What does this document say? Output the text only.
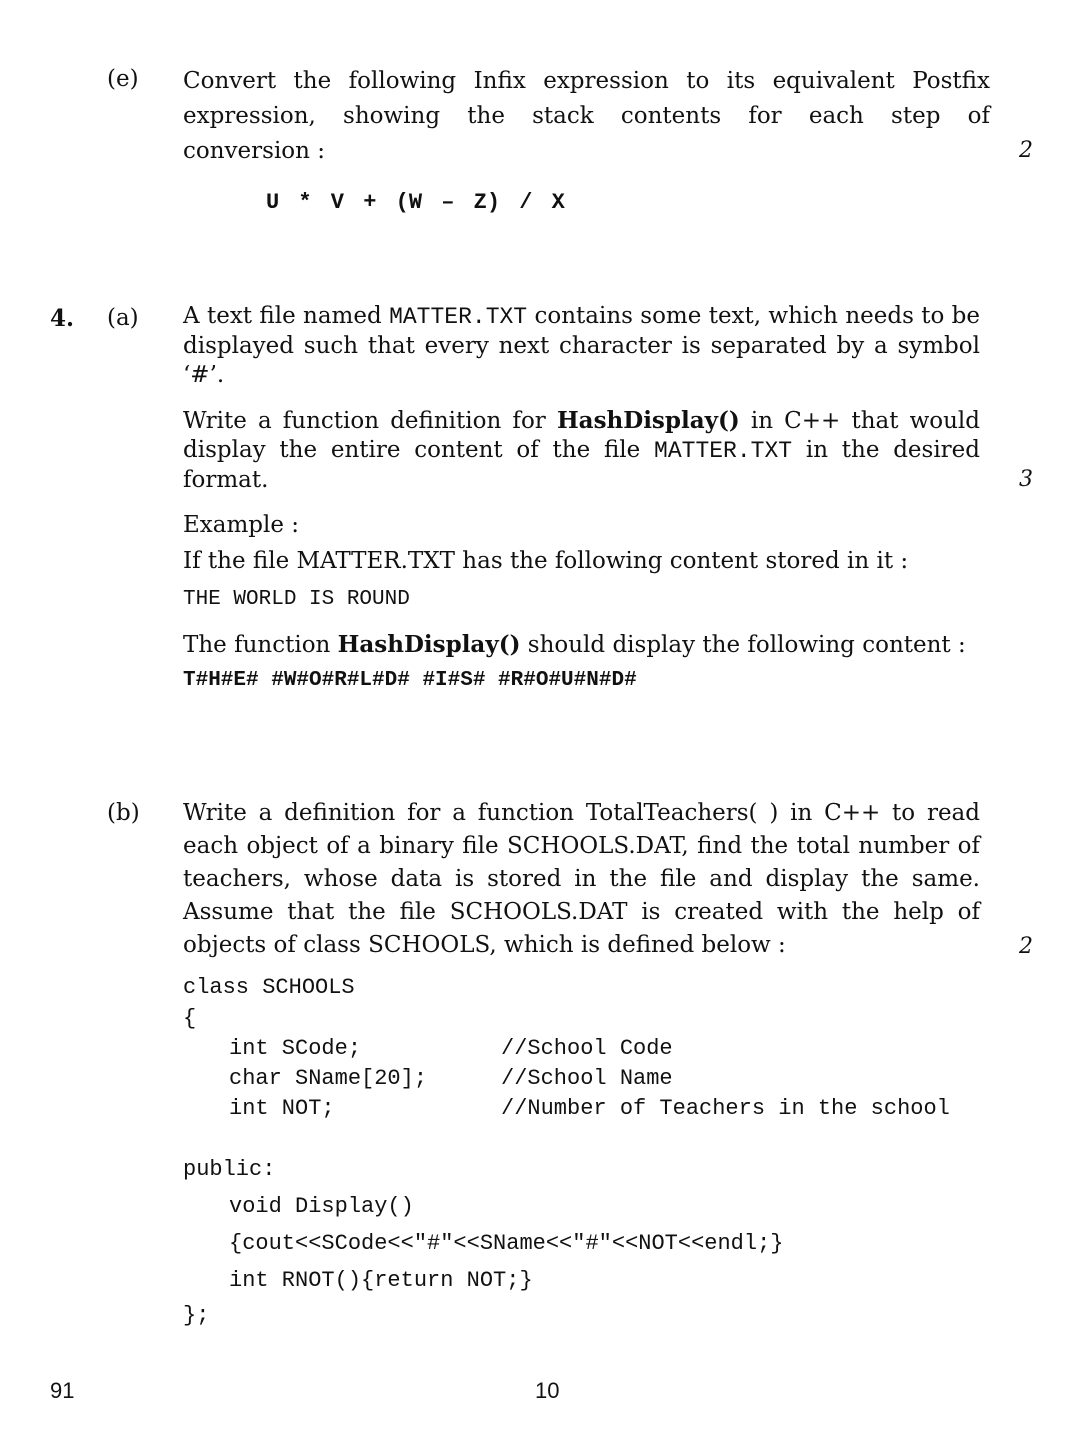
(e) Convert the following Infix expression to its equivalent Postfix

expression, showing the stack contents for each step of

conversion :	2
U * V + (W – Z) / X
4. (a) A text file named MATTER.TXT contains some text, which needs to be displayed such that every next character is separated by a symbol ‘#’.

Write a function definition for HashDisplay() in C++ that would display the entire content of the file MATTER.TXT in the desired format.	3
Example :
If the file MATTER.TXT has the following content stored in it :
THE WORLD IS ROUND
The function HashDisplay() should display the following content :
T#H#E# #W#O#R#L#D# #I#S# #R#O#U#N#D#
(b) Write a definition for a function TotalTeachers( ) in C++ to read each object of a binary file SCHOOLS.DAT, find the total number of teachers, whose data is stored in the file and display the same. Assume that the file SCHOOLS.DAT is created with the help of objects of class SCHOOLS, which is defined below :	2
class SCHOOLS
{
int SCode;	//School Code
char SName[20];	//School Name
int NOT;	//Number of Teachers in the school
public:
void Display()
{cout<<SCode<<"#"<<SName<<"#"<<NOT<<endl;}
int RNOT(){return NOT;}
};
91	10
